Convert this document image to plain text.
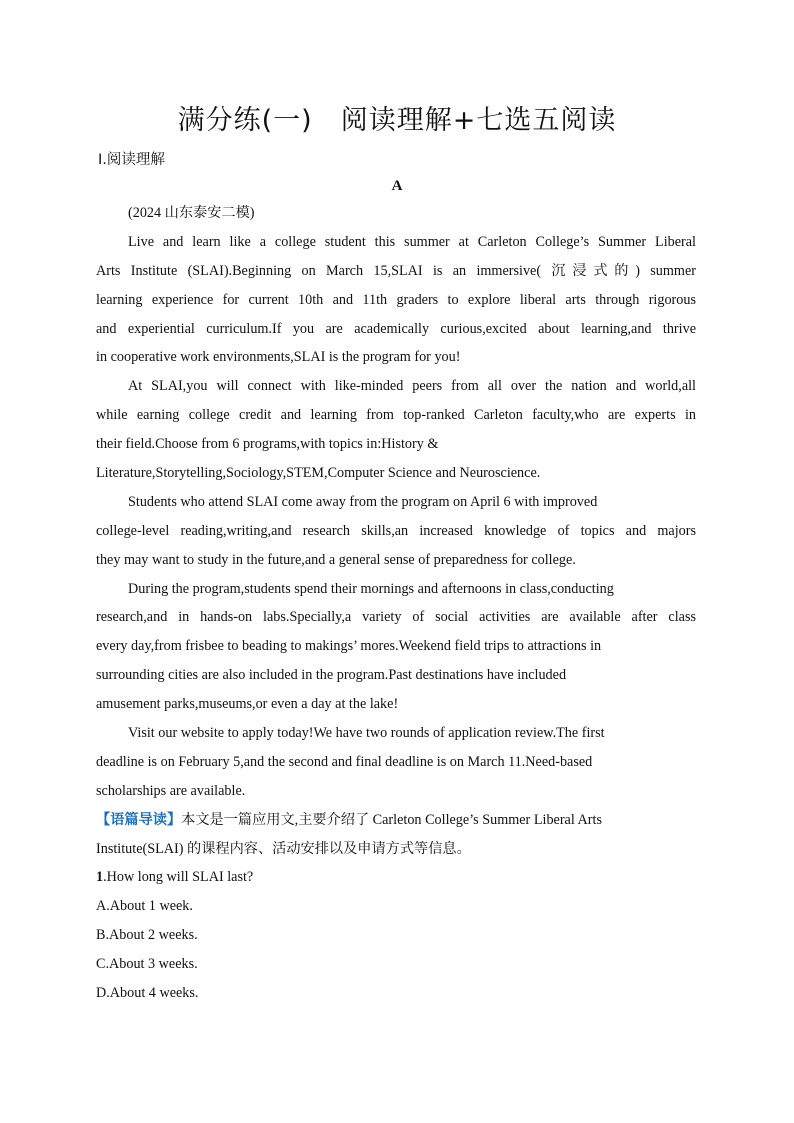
满分练(一)　阅读理解+七选五阅读
Ⅰ.阅读理解
A
(2024 山东泰安二模)
Live and learn like a college student this summer at Carleton College’s Summer Liberal
Arts Institute (SLAI).Beginning on March 15,SLAI is an immersive( 沉浸式的) summer
learning experience for current 10th and 11th graders to explore liberal arts through rigorous
and experiential curriculum.If you are academically curious,excited about learning,and thrive
in cooperative work environments,SLAI is the program for you!
At SLAI,you will connect with like-minded peers from all over the nation and world,all
while earning college credit and learning from top-ranked Carleton faculty,who are experts in
their field.Choose from 6 programs,with topics in:History &
Literature,Storytelling,Sociology,STEM,Computer Science and Neuroscience.
Students who attend SLAI come away from the program on April 6 with improved
college-level reading,writing,and research skills,an increased knowledge of topics and majors
they may want to study in the future,and a general sense of preparedness for college.
During the program,students spend their mornings and afternoons in class,conducting
research,and in hands-on labs.Specially,a variety of social activities are available after class
every day,from frisbee to beading to makings’ mores.Weekend field trips to attractions in
surrounding cities are also included in the program.Past destinations have included
amusement parks,museums,or even a day at the lake!
Visit our website to apply today!We have two rounds of application review.The first
deadline is on February 5,and the second and final deadline is on March 11.Need-based
scholarships are available.
【语篇导读】本文是一篇应用文,主要介绍了 Carleton College’s Summer Liberal Arts
Institute(SLAI) 的课程内容、活动安排以及申请方式等信息。
1.How long will SLAI last?
A.About 1 week.
B.About 2 weeks.
C.About 3 weeks.
D.About 4 weeks.
